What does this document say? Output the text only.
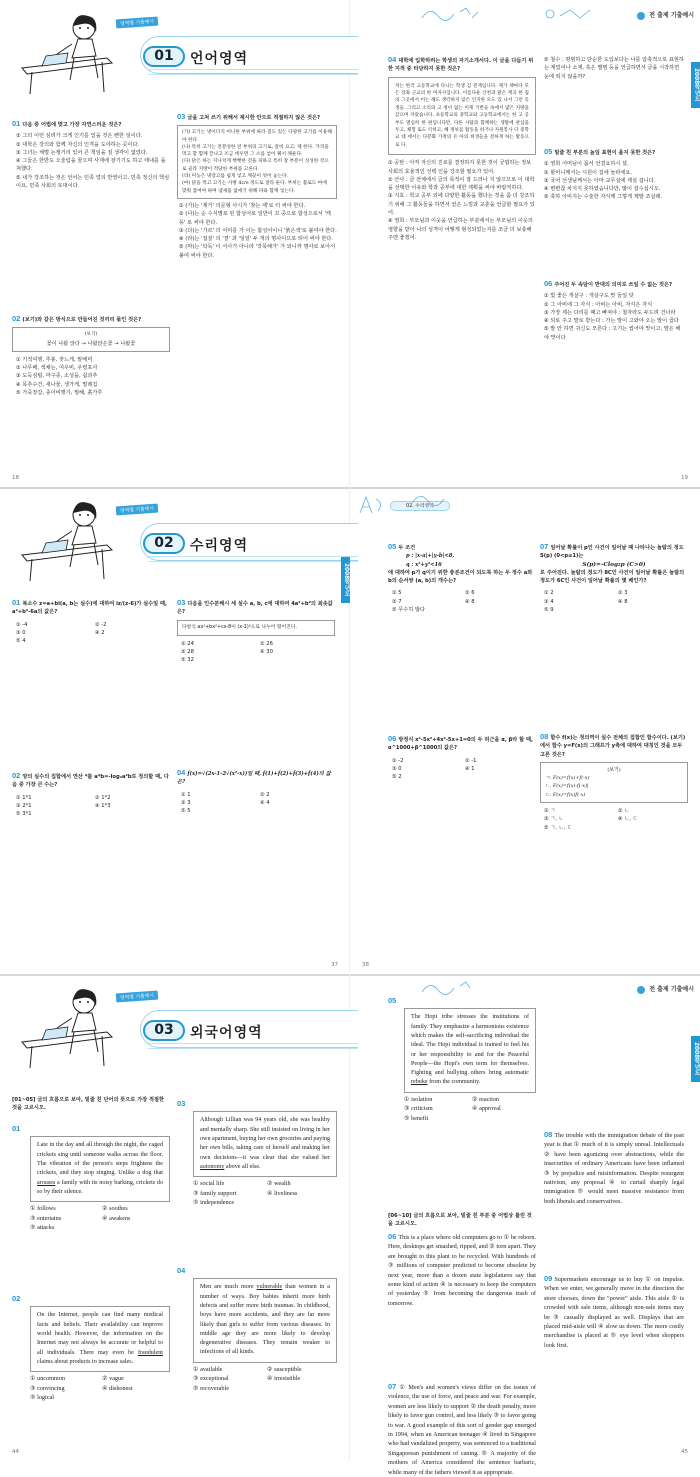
영역별 기출예시
01	언어영역
01 다음 중 어법에 맞고 가장 자연스러운 것은?
① 그의 이런 심려가 크게 인기를 얻을 것은 뻔한 일이다.
② 대학은 강의와 함께 자신의 인격을 도야하는 곳이다.
③ 그녀는 체벌 논쟁거리 있어 큰 책임을 질 생각이 없었다.
④ 그들은 한반도 오울림을 꿈으며 사재에 잠기기도 하고 태내를 돌쳐했다.
⑤ 내가 강조하는 것은 언어는 민족 얼의 반영이고, 민족 정신의 핵심이요, 민족 사회의 토대이다.
02 (보기)와 같은 방식으로 만들어진 것끼리 묶인 것은?
(보기)
꽃이 나왔 앉다 → 나왔앉은꽃 → 나왔꽃
① 기적여행, 추봉, 잣느게, 말메미
② 나무배, 색채는, 여우비, 우령포사
③ 도둑심털, 마구종, 소성을, 쉽과추
④ 목추수건, 새나물, 생가게, 벌레집
⑤ 가죽장갑, 종이비행기, 꿩혜, 흙가루
03 글을 고쳐 쓰기 위해서 제시한 안으로 적절하지 않은 것은?
(가) 고기는 냉이더지 어니한 부위에 따라 질도 있는 다양한 고기를 이용해야 한다.
(나) 특히 고기는 전분성한 연 부위의 고기로, 갈비 요고, 제 한다. 가격을 먹고 할 함께 끝나고 조금 데우면 그 소를 넣어 꿰서 채운다.
(다) 닭은 하는 지나치게 뻣뻣한 것을 피하고 특히 잘 부분이 싱싱한 것으로 골라 지방이 적당한 부위를 고른다.
(라) 미농은 냉장고를 쉽게 넣고 깨끗이 씻어 놓는다.
(마) 닭을 먹고 고기는 사방 4cm 정도로 잘라 둔다. 부위는 불로도 마에 맞춰 끓여야 하며 냄새를 없애기 위해 파와 함께 넣는다.
① (가)는 '제거' 의문형 사시가 '찾는 제'로 터 써야 한다.
② (나)는 순 수식별로 된 합성어로 일반이 꼬 중으로 합성으로서 '캐동' 로 써야 한다.
③ (다)는 '가르' 의 어미를 가 이는 합성어이니 '붉은색'로 붙여야 한다.
④ (라)는 '접질' 의 '결' 과 '일일' 두 개의 명사이므로 띄어 써야 한다.
⑤ (마)는 '탁독' 이 서사가 아니라 '작목해가' 가 되니까 명사로 보아서 붙여 써야 한다.
18
전 출제 기출예시
2008학년도
04 대학에 입학하려는 학생의 자기소개서다. 이 글을 다듬기 위한 지적 중 타당하지 못한 것은?
저는 한국 고등학교에 다니는 학생 김 전재입니다. 제가 책마다 모든 강좌 근교의 한 여자사입니다. 이름다운 산천과 맑은 계곡 한 집의 그곳에서 어는 해도 생각하지 않은 인지한 모도 있 나서 그런 동생들. 그리고 소리의 고 청이 없는 이제 기반들 속에서 많은 지방을 갖으며 자랐습니다. 초등학교의 중학교와 고등학교에서는 한 고 공부도 열심히 한 편입니다만, 다른 사람과 함께하는 생활에 관심을 두고, 체험 또도 익히고, 해 정보를 활동을 하거나 자원봉사 다 중학교 대 에서는 다문화 가정의 유 아의 희생들을 전하게 하는 활동으로 다.
① 공탄 : 아직 자신의 진로를 결정하지 못한 것이 궁핍하는 정보 사회의 효율적인 선택 인을 강조할 필요가 있어.
② 산사 : 글 전체에서 글의 목적이 잘 드러나 지 않으므로 이 대학을 선택한 이유와 학과 공부에 대한 계획을 써야 바람직하다.
③ 지효 : 학교 공부 외에 다양한 활동을 했다는 것을 좀 더 강조하기 위해 그 활동들을 하면서 얻은 느낌과 교훈을 언급할 필요가 있어.
④ 영희 : 부모님과 이웃을 언급하는 부분에서는 부모님의 이웃의 영향을 받아 나의 성격이 어떻게 형성되었는지를 조금 더 보충해 주면 좋겠어.
⑤ 철수 : 평범하고 단순한 도입보다는 나를 압축적으로 표현하는 재밌어나 소재, 혹은 별명 등을 언급하면서 글을 시작하면 눈에 띄지 않을까?
05 밑줄 친 부분의 높임 표현이 올지 못한 것은?
① 영희 어머님이 몸서 언결요하시 셨.
② 할머니께서는 시원이 집에 놀라세요.
③ 국어 선생님께서는 아마 교무실에 계실 겁니다.
④ 변변찮 차지지 못하였습니다만, 많이 잡수십시오.
⑤ 축하 아비지는 수술한 자식께 그렇게 제발 조실래.
06 주어진 두 속담이 반대의 의미로 쓰일 수 없는 것은?
① 빛 좋은 개살구 : 개살구도 맛 들일 탓
② 그 아비에 그 자식 : 아비는 아비, 자식은 자식
③ 가장 제는 다리를 째고 빠져야 : 철자라도 두드려 건너라
④ 되로 주고 말로 받는다 : 가는 말이 고와야 오는 말이 곱다
⑤ 발 안 하면 귀신도 모른다 : 고기는 씹어야 맛이고, 말은 해야 맛이다
19
영역별 기출예시
02	수리영역
2008학년도
01 복소수 z=a+bi(a, b는 실수)에 대하여 iz/(z-6)가 실수일 때, a²+b²-6a의 값은?
① -4	② -2
③ 0	④ 2
⑤ 4
02 양의 실수의 집합에서 연산 *를 a*b=-log₂a²b로 정의할 때, 다음 중 가장 큰 수는?
① 1*1	② 1*2
③ 2*1	④ 1*3
⑤ 3*1
03 다음을 인수분해시 세 실수 a, b, c에 대하여 4a²+b²의 최솟값은?
다항식 ax²+bx²+cx-8이 (x-1)²으로 나누어 떨어진다.
① 24	② 26
③ 28	④ 30
⑤ 32
04 f(x)=√(2x-1-2√(x²-x))일 때, f(1)+f(2)+f(3)+f(4)의 값은?
① 1	② 2
③ 3	④ 4
⑤ 5
37
02. 수리영역
05 두 조건
p : |x-a|+|y-b|<8,
q : x²+y²<16
에 대하여 p가 q이기 위한 충분조건이 되도록 하는 두 정수 a와 b의 순서쌍 (a, b)의 개수는?
① 5	② 6
③ 7	④ 8
⑤ 무수히 많다
06 방정식 x⁴-5x³+4x²-5x+1=0의 두 허근을 α, β라 할 때, α^1000+β^1000의 값은?
① -2	② -1
③ 0	④ 1
⑤ 2
07 일어날 확률이 p인 사건이 일어날 때 나타나는 놀람의 정도 S(p) (0<p≤1)는
S(p)=-Clog₂p (C>0)
로 주어진다. 놀람의 정도가 8C인 사건이 일어날 확률은 놀람의 정도가 6C인 사건이 일어날 확률의 몇 배인가?
① 2	② 3
③ 4	④ 8
⑤ 9
08 함수 f(x)는 정의역이 실수 전체의 집합인 함수이다. (보기)에서 함수 y=F(x)의 그래프가 y축에 대하여 대칭인 것을 모두 고른 것은?
(보기)
ㄱ. F(x)=f(x)+f(-x)
ㄴ. F(x)=f(x)-f(-x)|
ㄷ. F(x)=f(x)f(-x)
① ㄱ	② ㄴ
③ ㄱ, ㄴ	④ ㄴ, ㄷ
⑤ ㄱ, ㄴ, ㄷ
38
영역별 기출예시
03	외국어영역
[01~05] 글의 흐름으로 보아, 밑줄 친 단어의 뜻으로 가장 적절한 것을 고르시오.
01
Late in the day and all through the night, the caged crickets sing until someone walks across the floor. The vibration of the person's steps frightens the crickets, and they stop singing. Unlike a dog that arouses a family with its noisy barking, crickets do so by their silence.
① follows	② soothes
③ entertains	④ awakens
⑤ attacks
02
On the Internet, people can find many medical facts and beliefs. Their availability can improve world health. However, the information on the Internet may not always be accurate or helpful to all individuals. There may even be fraudulent claims about products to increase sales.
① uncommon	② vague
③ convincing	④ dishonest
⑤ logical
03
Although Lillian was 94 years old, she was healthy and mentally sharp. She still insisted on living in her own apartment, buying her own groceries and paying her own bills, taking care of herself and making her own decisions—it was clear that she valued her autonomy above all else.
① social life	② wealth
③ family support	④ liveliness
⑤ independence
04
Men are much more vulnerable than women in a number of ways. Boy babies inherit more birth defects and suffer more birth traumas. In childhood, boys have more accidents, and they are far more likely than girls to suffer from various diseases. In middle age they are more likely to develop degenerative diseases. They remain weaker to infections of all kinds.
① available	② susceptible
③ exceptional	④ irresistible
⑤ recoverable
44
전 출제 기출예시
2008학년도
05
The Hopi tribe stresses the institutions of family. They emphasize a harmonious existence which makes the self-sacrificing individual the ideal. The Hopi individual is trained to feel his or her responsibility to and for the Peaceful People—the Hopi's own term for themselves. Fighting and bullying others bring automatic rebuke from the community.
① isolation	② reaction
③ criticism	④ approval
⑤ benefit
[06~10] 글의 흐름으로 보아, 밑줄 친 부분 중 어법상 틀린 것을 고르시오.
06 This is a place where old computers go to ① be reborn. Here, desktops get smashed, ripped, and ② torn apart. They are brought to this plant to be recycled. With hundreds of ③ millions of computer predicted to become obsolete by next year, more than a dozen state legislatures say that some kind of action ④ is necessary to keep the computers of yesterday ⑤ from becoming the dangerous trash of tomorrow.
07 ① Men's and women's views differ on the issues of violence, the use of force, and peace and war. For example, women are less likely to support ② the death penalty, more likely to favor gun control, and less likely ③ to favor going to war. A good example of this sort of gender gap emerged in 1994, when an American teenager ④ lived in Singapore who had vandalized property, was sentenced to a traditional Singaporean punishment of caning. ⑤ A majority of the mothers of America considered the sentence barbaric, while many of the fathers viewed it as appropriate.
08 The trouble with the immigration debate of the past year is that ① much of it is simply unreal. Intellectuals ② have been agonizing over abstractions, while the insecurities of ordinary Americans have been inflamed ③ by prejudice and misinformation. Despite resurgent nativism, any proposal ④ to curtail sharply legal immigration ⑤ would meet massive resistance from both liberals and conservatives.
09 Supermarkets encourage us to buy ① on impulse. When we enter, we generally move in the direction the store chooses, down the "power" aisle. This aisle ② is crowded with sale items, although non-sale items may be ③ casually displayed as well. Displays that are placed mid-aisle will ④ slow us down. The more costly merchandise is placed at ⑤ eye level when shoppers look first.
45
